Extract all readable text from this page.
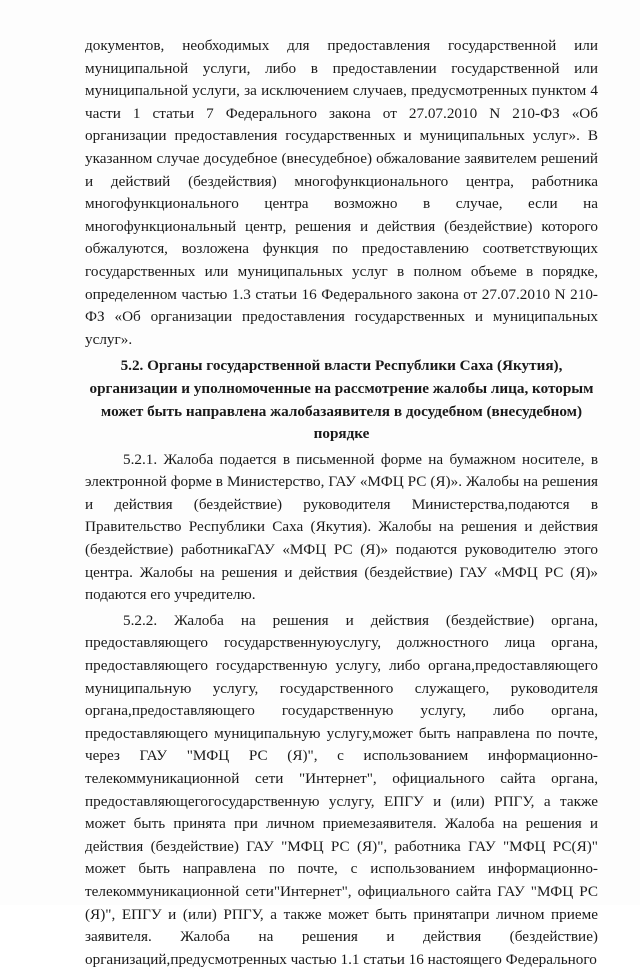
документов, необходимых для предоставления государственной или муниципальной услуги, либо в предоставлении государственной или муниципальной услуги, за исключением случаев, предусмотренных пунктом 4 части 1 статьи 7 Федерального закона от 27.07.2010 N 210-ФЗ «Об организации предоставления государственных и муниципальных услуг». В указанном случае досудебное (внесудебное) обжалование заявителем решений и действий (бездействия) многофункционального центра, работника многофункционального центра возможно в случае, если на многофункциональный центр, решения и действия (бездействие) которого обжалуются, возложена функция по предоставлению соответствующих государственных или муниципальных услуг в полном объеме в порядке, определенном частью 1.3 статьи 16 Федерального закона от 27.07.2010 N 210-ФЗ «Об организации предоставления государственных и муниципальных услуг».

5.2. Органы государственной власти Республики Саха (Якутия), организации и уполномоченные на рассмотрение жалобы лица, которым может быть направлена жалобазаявителя в досудебном (внесудебном) порядке

5.2.1. Жалоба подается в письменной форме на бумажном носителе, в электронной форме в Министерство, ГАУ «МФЦ РС (Я)». Жалобы на решения и действия (бездействие) руководителя Министерства,подаются в Правительство Республики Саха (Якутия). Жалобы на решения и действия (бездействие) работникаГАУ «МФЦ РС (Я)» подаются руководителю этого центра. Жалобы на решения и действия (бездействие) ГАУ «МФЦ РС (Я)» подаются его учредителю.

5.2.2. Жалоба на решения и действия (бездействие) органа, предоставляющего государственнуюуслугу, должностного лица органа, предоставляющего государственную услугу, либо органа,предоставляющего муниципальную услугу, государственного служащего, руководителя органа,предоставляющего государственную услугу, либо органа, предоставляющего муниципальную услугу,может быть направлена по почте, через ГАУ "МФЦ РС (Я)", с использованием информационно-телекоммуникационной сети "Интернет", официального сайта органа, предоставляющегогосударственную услугу, ЕПГУ и (или) РПГУ, а также может быть принята при личном приемезаявителя. Жалоба на решения и действия (бездействие) ГАУ "МФЦ РС (Я)", работника ГАУ "МФЦ РС(Я)" может быть направлена по почте, с использованием информационно-телекоммуникационной сети"Интернет", официального сайта ГАУ "МФЦ РС (Я)", ЕПГУ и (или) РПГУ, а также может быть принятапри личном приеме заявителя. Жалоба на решения и действия (бездействие) организаций,предусмотренных частью 1.1 статьи 16 настоящего Федерального
